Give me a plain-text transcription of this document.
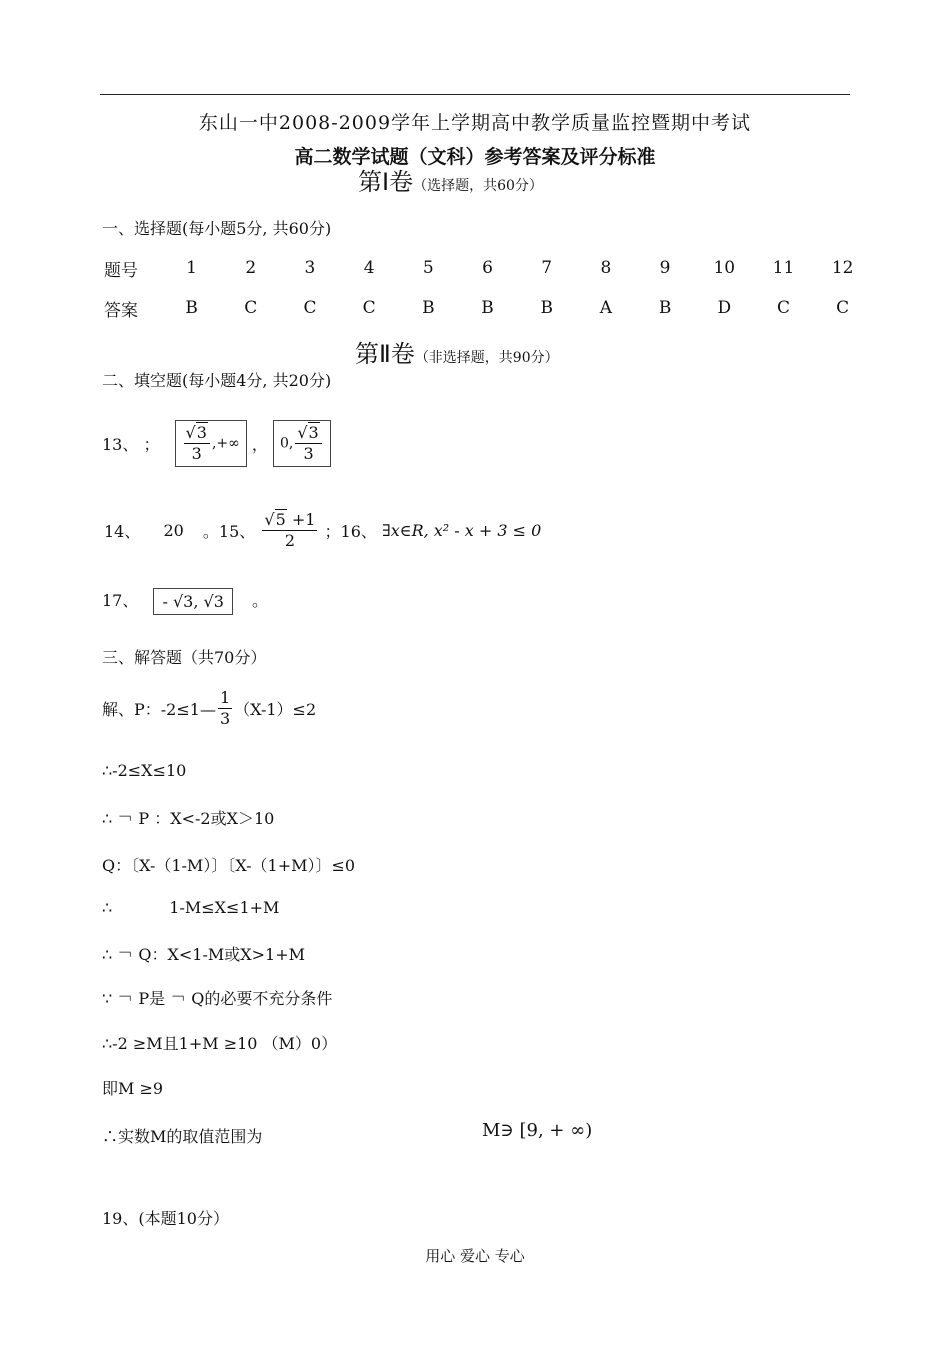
东山一中2008-2009学年上学期高中教学质量监控暨期中考试
高二数学试题（文科）参考答案及评分标准
第Ⅰ卷（选择题，共60分）
一、选择题(每小题5分, 共60分)
题号	1	2	3	4	5	6	7	8	9	10	11	12
答案	B	C	C	C	B	B	B	A	B	D	C	C
第Ⅱ卷（非选择题，共90分）
二、填空题(每小题4分, 共20分)
13、 ； $\frac{√3}{3}$ ,+∞ ， 0, $\frac{√3}{3}$
14、 20 。15、 $\frac{√5 +1}{2}$ ；16、 ∃x∈R, x² - x + 3 ≤ 0
17、 - √3, √3 。
三、解答题（共70分）
解、P：-2≤1— $\frac{1}{3} (X-1)\le 2$
∴-2≤X≤10
∴ ￢ P ：X<-2或X＞10
Q：〔X-（1-M）〕〔X-（1+M）〕≤0
∴	1-M≤X≤1+M
∴ ￢ Q：X<1-M或X>1+M
∵ ￢ P是 ￢ Q的必要不充分条件
∴-2 ≥M且1+M ≥10 （M）0）
即M ≥9
∴实数M的取值范围为	M∋ [9, + ∞)
19、(本题10分）
用心 爱心 专心
